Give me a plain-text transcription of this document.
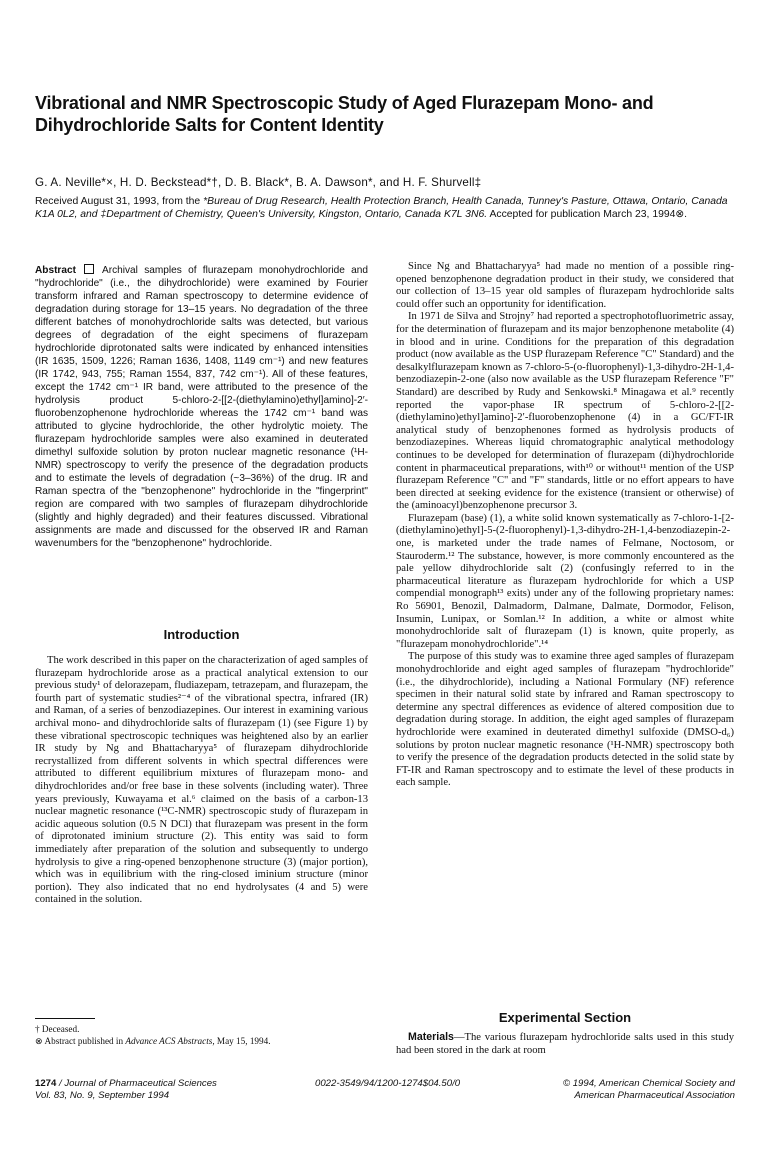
Vibrational and NMR Spectroscopic Study of Aged Flurazepam Mono- and Dihydrochloride Salts for Content Identity
G. A. Neville*×, H. D. Beckstead*†, D. B. Black*, B. A. Dawson*, and H. F. Shurvell‡
Received August 31, 1993, from the *Bureau of Drug Research, Health Protection Branch, Health Canada, Tunney's Pasture, Ottawa, Ontario, Canada K1A 0L2, and ‡Department of Chemistry, Queen's University, Kingston, Ontario, Canada K7L 3N6. Accepted for publication March 23, 1994⊗.

Abstract	Archival samples of flurazepam monohydrochloride and "hydrochloride" (i.e., the dihydrochloride) were examined by Fourier transform infrared and Raman spectroscopy to determine evidence of degradation during storage for 13–15 years. No degradation of the three different batches of monohydrochloride salts was detected, but various degrees of degradation of the eight specimens of flurazepam hydrochloride diprotonated salts were indicated by enhanced intensities (IR 1635, 1509, 1226; Raman 1636, 1408, 1149 cm⁻¹) and new features (IR 1742, 943, 755; Raman 1554, 837, 742 cm⁻¹). All of these features, except the 1742 cm⁻¹ IR band, were attributed to the presence of the hydrolysis product 5-chloro-2-[[2-(diethylamino)ethyl]amino]-2′-fluorobenzophenone hydrochloride whereas the 1742 cm⁻¹ band was attributed to glycine hydrochloride, the other hydrolytic moiety. The flurazepam hydrochloride samples were also examined in deuterated dimethyl sulfoxide solution by proton nuclear magnetic resonance (¹H-NMR) spectroscopy to verify the presence of the degradation products and to estimate the levels of degradation (~3–36%) of the drug. IR and Raman spectra of the "benzophenone" hydrochloride in the "fingerprint" region are compared with two samples of flurazepam dihydrochloride (slightly and highly degraded) and their features discussed. Vibrational assignments are made and discussed for the observed IR and Raman wavenumbers for the "benzophenone" hydrochloride.

Introduction

The work described in this paper on the characterization of aged samples of flurazepam hydrochloride arose as a practical analytical extension to our previous study¹ of delorazepam, fludiazepam, tetrazepam, and flurazepam, the fourth part of systematic studies²⁻⁴ of the vibrational spectra, infrared (IR) and Raman, of a series of benzodiazepines. Our interest in examining various archival mono- and dihydrochloride salts of flurazepam (1) (see Figure 1) by these vibrational spectroscopic techniques was heightened also by an earlier IR study by Ng and Bhattacharyya⁵ of flurazepam dihydrochloride recrystallized from different solvents in which spectral differences were attributed to different equilibrium mixtures of flurazepam mono- and dihydrochlorides and/or free base in these solvents (including water). Three years previously, Kuwayama et al.⁶ claimed on the basis of a carbon-13 nuclear magnetic resonance (¹³C-NMR) spectroscopic study of flurazepam in acidic aqueous solution (0.5 N DCl) that flurazepam was present in the form of diprotonated iminium structure (2). This entity was said to form immediately after preparation of the solution and subsequently to undergo hydrolysis to give a ring-opened benzophenone structure (3) (major portion), which was in equilibrium with the ring-closed iminium structure (minor portion). They also indicated that no end hydrolysates (4 and 5) were contained in the solution.

† Deceased.
⊗ Abstract published in Advance ACS Abstracts, May 15, 1994.

Since Ng and Bhattacharyya⁵ had made no mention of a possible ring-opened benzophenone degradation product in their study, we considered that our collection of 13–15 year old samples of flurazepam hydrochloride salts could offer such an opportunity for identification.

In 1971 de Silva and Strojny⁷ had reported a spectrophotofluorimetric assay, for the determination of flurazepam and its major benzophenone metabolite (4) in blood and in urine. Conditions for the preparation of this degradation product (now available as the USP flurazepam Reference "C" Standard) and the desalkylflurazepam known as 7-chloro-5-(o-fluorophenyl)-1,3-dihydro-2H-1,4-benzodiazepin-2-one (also now available as the USP flurazepam Reference "F" Standard) are described by Rudy and Senkowski.⁸ Minagawa et al.⁹ recently reported the vapor-phase IR spectrum of 5-chloro-2-[[2-(diethylamino)ethyl]amino]-2′-fluorobenzophenone (4) in a GC/FT-IR analytical study of benzophenones formed as hydrolysis products of benzodiazepines. Whereas liquid chromatographic analytical methodology continues to be developed for determination of flurazepam (di)hydrochloride content in pharmaceutical preparations, with¹⁰ or without¹¹ mention of the USP flurazepam Reference "C" and "F" standards, little or no effort appears to have been directed at seeking evidence for the existence (transient or otherwise) of the (aminoacyl)benzophenone precursor 3.

Flurazepam (base) (1), a white solid known systematically as 7-chloro-1-[2-(diethylamino)ethyl]-5-(2-fluorophenyl)-1,3-dihydro-2H-1,4-benzodiazepin-2-one, is marketed under the trade names of Felmane, Noctosom, or Stauroderm.¹² The substance, however, is more commonly encountered as the pale yellow dihydrochloride salt (2) (confusingly referred to in the pharmaceutical literature as flurazepam hydrochloride for which a USP compendial monograph¹³ exits) under any of the following proprietary names: Ro 56901, Benozil, Dalmadorm, Dalmane, Dalmate, Dormodor, Felison, Insumin, Lunipax, or Somlan.¹² In addition, a white or almost white monohydrochloride salt of flurazepam (1) is known, quite properly, as "flurazepam monohydrochloride".¹⁴

The purpose of this study was to examine three aged samples of flurazepam monohydrochloride and eight aged samples of flurazepam "hydrochloride" (i.e., the dihydrochloride), including a National Formulary (NF) reference specimen in their natural solid state by infrared and Raman spectroscopy to determine any spectral differences as evidence of altered composition due to degradation during storage. In addition, the eight aged samples of flurazepam hydrochloride were examined in deuterated dimethyl sulfoxide (DMSO-d₆) solutions by proton nuclear magnetic resonance (¹H-NMR) spectroscopy both to verify the presence of the degradation products detected in the solid state by FT-IR and Raman spectroscopy and to estimate the level of these products in each sample.

Experimental Section

Materials—The various flurazepam hydrochloride salts used in this study had been stored in the dark at room

1274 / Journal of Pharmaceutical Sciences
Vol. 83, No. 9, September 1994
0022-3549/94/1200-1274$04.50/0	© 1994, American Chemical Society and
American Pharmaceutical Association
